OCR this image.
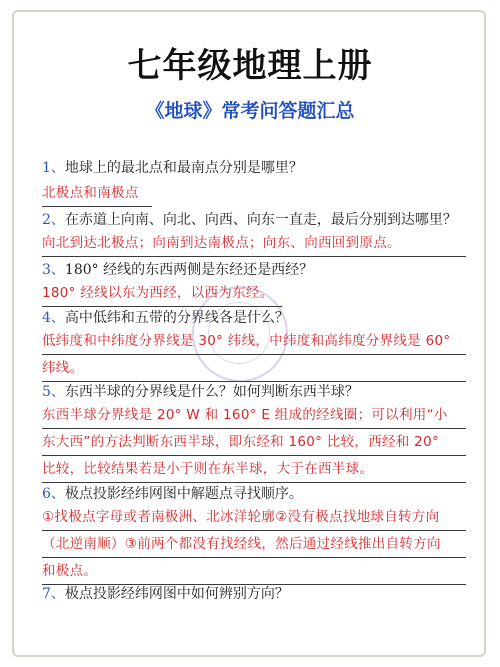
七年级地理上册
《地球》常考问答题汇总
1、地球上的最北点和最南点分别是哪里？
北极点和南极点
2、在赤道上向南、向北、向西、向东一直走，最后分别到达哪里？
向北到达北极点；向南到达南极点；向东、向西回到原点。
3、180° 经线的东西两侧是东经还是西经？
180° 经线以东为西经，以西为东经。
4、高中低纬和五带的分界线各是什么？
低纬度和中纬度分界线是 30° 纬线，中纬度和高纬度分界线是 60°
纬线。
5、东西半球的分界线是什么？如何判断东西半球？
东西半球分界线是 20° W 和 160° E 组成的经线圈；可以利用“小
东大西”的方法判断东西半球，即东经和 160° 比较，西经和 20°
比较，比较结果若是小于则在东半球，大于在西半球。
6、极点投影经纬网图中解题点寻找顺序。
①找极点字母或者南极洲、北冰洋轮廓②没有极点找地球自转方向
（北逆南顺）③前两个都没有找经线，然后通过经线推出自转方向
和极点。
7、极点投影经纬网图中如何辨别方向？
